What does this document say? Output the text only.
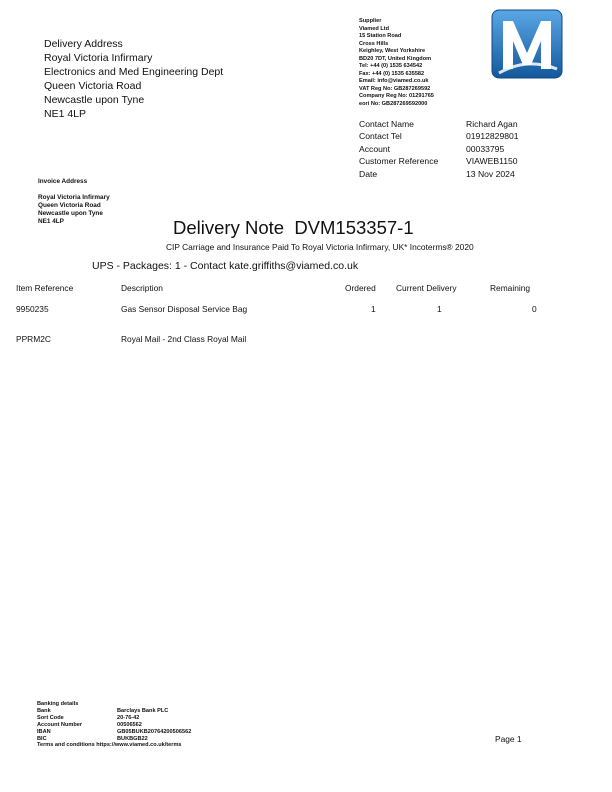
Delivery Address
Royal Victoria Infirmary
Electronics and Med Engineering Dept
Queen Victoria Road
Newcastle upon Tyne
NE1 4LP
Supplier
Viamed Ltd
15 Station Road
Cross Hills
Keighley, West Yorkshire
BD20 7DT, United Kingdom
Tel: +44 (0) 1535 634542
Fax: +44 (0) 1535 635582
Email: info@viamed.co.uk
VAT Reg No: GB287269592
Company Reg No: 01291765
eori No: GB287269592000
Contact Name	Richard Agan
Contact Tel	01912829801
Account	00033795
Customer Reference	VIAWEB1150
Date	13 Nov 2024
Invoice Address
Royal Victoria Infirmary
Queen Victoria Road
Newcastle upon Tyne
NE1 4LP	Delivery Note  DVM153357-1
CIP Carriage and Insurance Paid To Royal Victoria Infirmary, UK* Incoterms® 2020
UPS - Packages: 1 - Contact kate.griffiths@viamed.co.uk
Item Reference	Description	Ordered Current Delivery	Remaining
9950235	Gas Sensor Disposal Service Bag	1	1	0
PPRM2C	Royal Mail - 2nd Class Royal Mail
Banking details
Bank	Barclays Bank PLC
Sort Code	20-76-42
Account Number	00506562
IBAN	GB05BUKB20764200506562
BIC	BUKBGB22
Terms and conditions https://www.viamed.co.uk/terms
Page 1
